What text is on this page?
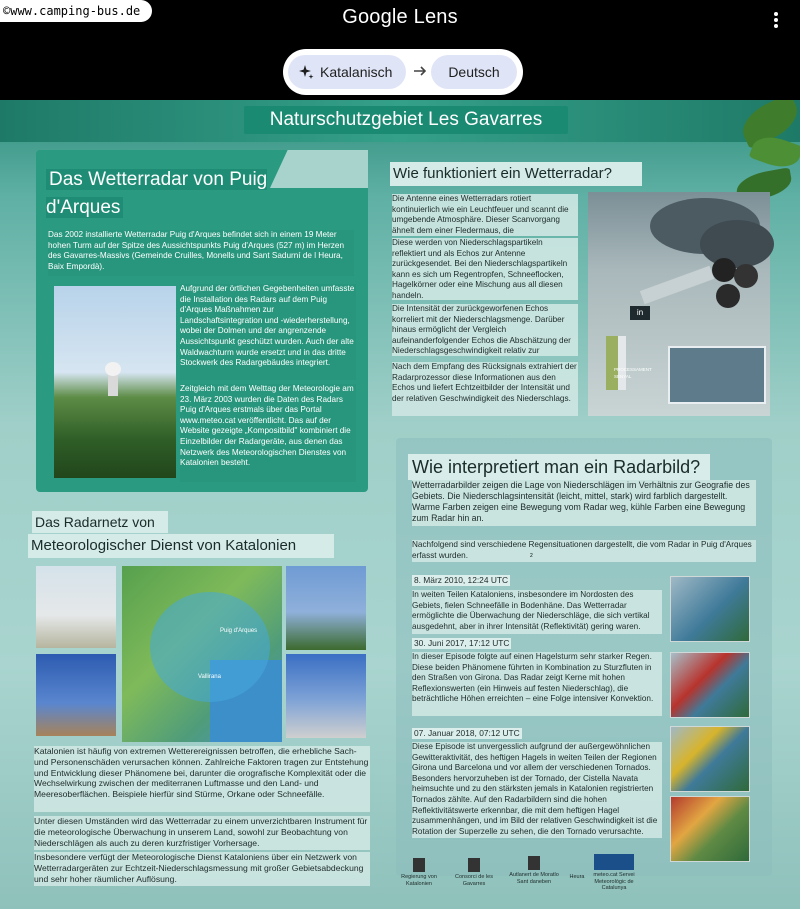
©www.camping-bus.de	Google Lens
Katalanisch	Deutsch
Naturschutzgebiet Les Gavarres
Das Wetterradar von Puig d'Arques
Das 2002 installierte Wetterradar Puig d'Arques befindet sich in einem 19 Meter hohen Turm auf der Spitze des Aussichtspunkts Puig d'Arques (527 m) im Herzen des Gavarres-Massivs (Gemeinde Cruilles, Monells und Sant Sadurní de l Heura, Baix Empordà).
Aufgrund der örtlichen Gegebenheiten umfasste die Installation des Radars auf dem Puig d'Arques Maßnahmen zur Landschaftsintegration und -wiederherstellung, wobei der Dolmen und der angrenzende Aussichtspunkt geschützt wurden. Auch der alte Waldwachturm wurde ersetzt und in das dritte Stockwerk des Radargebäudes integriert.
Zeitgleich mit dem Welttag der Meteorologie am 23. März 2003 wurden die Daten des Radars Puig d'Arques erstmals über das Portal www.meteo.cat veröffentlicht. Das auf der Website gezeigte „Kompositbild" kombiniert die Einzelbilder der Radargeräte, aus denen das Netzwerk des Meteorologischen Dienstes von Katalonien besteht.
Wie funktioniert ein Wetterradar?
Die Antenne eines Wetterradars rotiert kontinuierlich wie ein Leuchtfeuer und scannt die umgebende Atmosphäre. Dieser Scanvorgang ähnelt dem einer Fledermaus, die
Diese werden von Niederschlagspartikeln reflektiert und als Echos zur Antenne zurückgesendet. Bei den Niederschlagspartikeln kann es sich um Regentropfen, Schneeflocken, Hagelkörner oder eine Mischung aus all diesen handeln.
Die Intensität der zurückgeworfenen Echos korreliert mit der Niederschlagsmenge. Darüber hinaus ermöglicht der Vergleich aufeinanderfolgender Echos die Abschätzung der Niederschlagsgeschwindigkeit relativ zur
Nach dem Empfang des Rücksignals extrahiert der Radarprozessor diese Informationen aus den Echos und liefert Echtzeitbilder der Intensität und der relativen Geschwindigkeit des Niederschlags.
in
PROCESSAMENT SENYAL
Wie interpretiert man ein Radarbild?
Wetterradarbilder zeigen die Lage von Niederschlägen im Verhältnis zur Geografie des Gebiets. Die Niederschlagsintensität (leicht, mittel, stark) wird farblich dargestellt. Warme Farben zeigen eine Bewegung vom Radar weg, kühle Farben eine Bewegung zum Radar hin an.
Nachfolgend sind verschiedene Regensituationen dargestellt, die vom Radar in Puig d'Arques erfasst wurden.	2
8. März 2010, 12:24 UTC
In weiten Teilen Kataloniens, insbesondere im Nordosten des Gebiets, fielen Schneefälle in Bodenhäne. Das Wetterradar ermöglichte die Überwachung der Niederschläge, die sich vertikal ausgedehnt, aber in ihrer Intensität (Reflektivität) gering waren.
30. Juni 2017, 17:12 UTC
In dieser Episode folgte auf einen Hagelsturm sehr starker Regen. Diese beiden Phänomene führten in Kombination zu Sturzfluten in den Straßen von Girona. Das Radar zeigt Kerne mit hohen Reflexionswerten (ein Hinweis auf festen Niederschlag), die beträchtliche Höhen erreichten – eine Folge intensiver Konvektion.
07. Januar 2018, 07:12 UTC
Diese Episode ist unvergesslich aufgrund der außergewöhnlichen Gewitteraktivität, des heftigen Hagels in weiten Teilen der Regionen Girona und Barcelona und vor allem der verschiedenen Tornados. Besonders hervorzuheben ist der Tornado, der Cistella Navata heimsuchte und zu den stärksten jemals in Katalonien registrierten Tornados zählte. Auf den Radarbildern sind die hohen Reflektivitätswerte erkennbar, die mit dem heftigen Hagel zusammenhängen, und im Bild der relativen Geschwindigkeit ist die Rotation der Superzelle zu sehen, die den Tornado verursachte.
Das Radarnetz von
Meteorologischer Dienst von Katalonien
Puig d'Arques
Vallirana
Katalonien ist häufig von extremen Wetterereignissen betroffen, die erhebliche Sach- und Personenschäden verursachen können. Zahlreiche Faktoren tragen zur Entstehung und Entwicklung dieser Phänomene bei, darunter die orografische Komplexität oder die Wechselwirkung zwischen der mediterranen Luftmasse und den Land- und Meeresoberflächen. Beispiele hierfür sind Stürme, Orkane oder Schneefälle.
Unter diesen Umständen wird das Wetterradar zu einem unverzichtbaren Instrument für die meteorologische Überwachung in unserem Land, sowohl zur Beobachtung von Niederschlägen als auch zu deren kurzfristiger Vorhersage.
Insbesondere verfügt der Meteorologische Dienst Kataloniens über ein Netzwerk von Wetterradargeräten zur Echtzeit-Niederschlagsmessung mit großer Gebietsabdeckung und sehr hoher räumlicher Auflösung.	Regierung von Katalonien
Consorci de les Gavarres
Autlanert de Moratlo Sant daneben
Heura	meteo.cat Servei Meteorològic de Catalunya
